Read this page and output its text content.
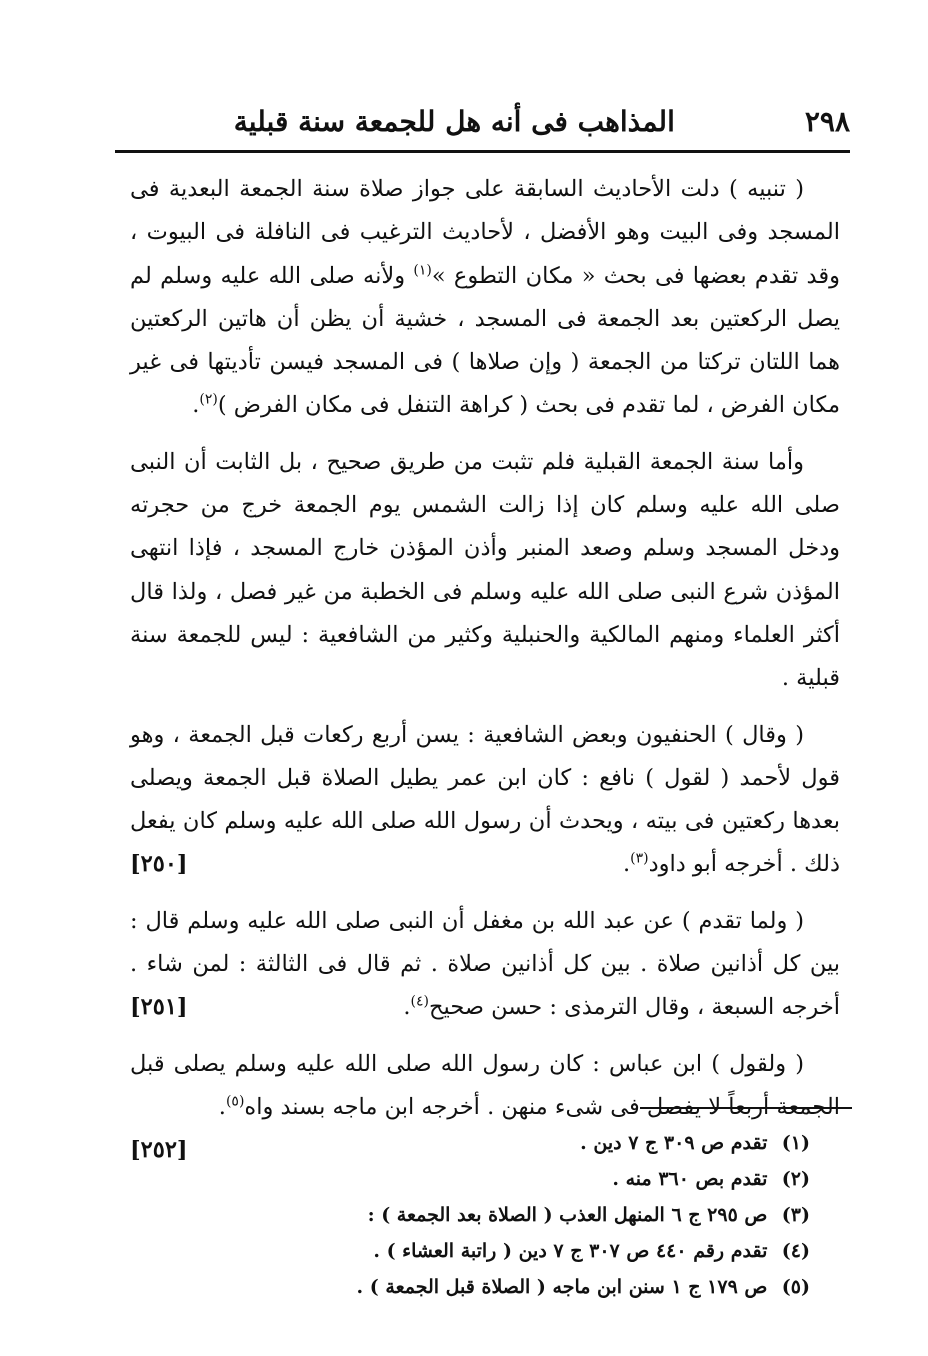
٢٩٨
المذاهب فى أنه هل للجمعة سنة قبلية

( تنبيه ) دلت الأحاديث السابقة على جواز صلاة سنة الجمعة البعدية فى المسجد وفى البيت وهو الأفضل ، لأحاديث الترغيب فى النافلة فى البيوت ، وقد تقدم بعضها فى بحث « مكان التطوع »$^{(١)}$ ولأنه صلى الله عليه وسلم لم يصل الركعتين بعد الجمعة فى المسجد ، خشية أن يظن أن هاتين الركعتين هما اللتان تركتا من الجمعة ( وإن صلاها ) فى المسجد فيسن تأديتها فى غير مكان الفرض ، لما تقدم فى بحث ( كراهة التنفل فى مكان الفرض )$^{(٢)}$.

وأما سنة الجمعة القبلية فلم تثبت من طريق صحيح ، بل الثابت أن النبى صلى الله عليه وسلم كان إذا زالت الشمس يوم الجمعة خرج من حجرته ودخل المسجد وسلم وصعد المنبر وأذن المؤذن خارج المسجد ، فإذا انتهى المؤذن شرع النبى صلى الله عليه وسلم فى الخطبة من غير فصل ، ولذا قال أكثر العلماء ومنهم المالكية والحنبلية وكثير من الشافعية : ليس للجمعة سنة قبلية .

( وقال ) الحنفيون وبعض الشافعية : يسن أربع ركعات قبل الجمعة ، وهو قول لأحمد ( لقول ) نافع : كان ابن عمر يطيل الصلاة قبل الجمعة ويصلى بعدها ركعتين فى بيته ، ويحدث أن رسول الله صلى الله عليه وسلم كان يفعل ذلك . أخرجه أبو داود$^{(٣)}$.
[٢٥٠]

( ولما تقدم ) عن عبد الله بن مغفل أن النبى صلى الله عليه وسلم قال : بين كل أذانين صلاة . بين كل أذانين صلاة . ثم قال فى الثالثة : لمن شاء . أخرجه السبعة ، وقال الترمذى : حسن صحيح$^{(٤)}$.
[٢٥١]

( ولقول ) ابن عباس : كان رسول الله صلى الله عليه وسلم يصلى قبل الجمعة أربعاً لا يفصل فى شىء منهن . أخرجه ابن ماجه بسند واه$^{(٥)}$.
[٢٥٢]	(١) تقدم ص ٣٠٩ ج ٧ دين .
(٢) تقدم بص ٣٦٠ منه .
(٣) ص ٢٩٥ ج ٦ المنهل العذب ( الصلاة بعد الجمعة ) :
(٤) تقدم رقم ٤٤٠ ص ٣٠٧ ج ٧ دين ( راتبة العشاء ) .
(٥) ص ١٧٩ ج ١ سنن ابن ماجه ( الصلاة قبل الجمعة ) .
